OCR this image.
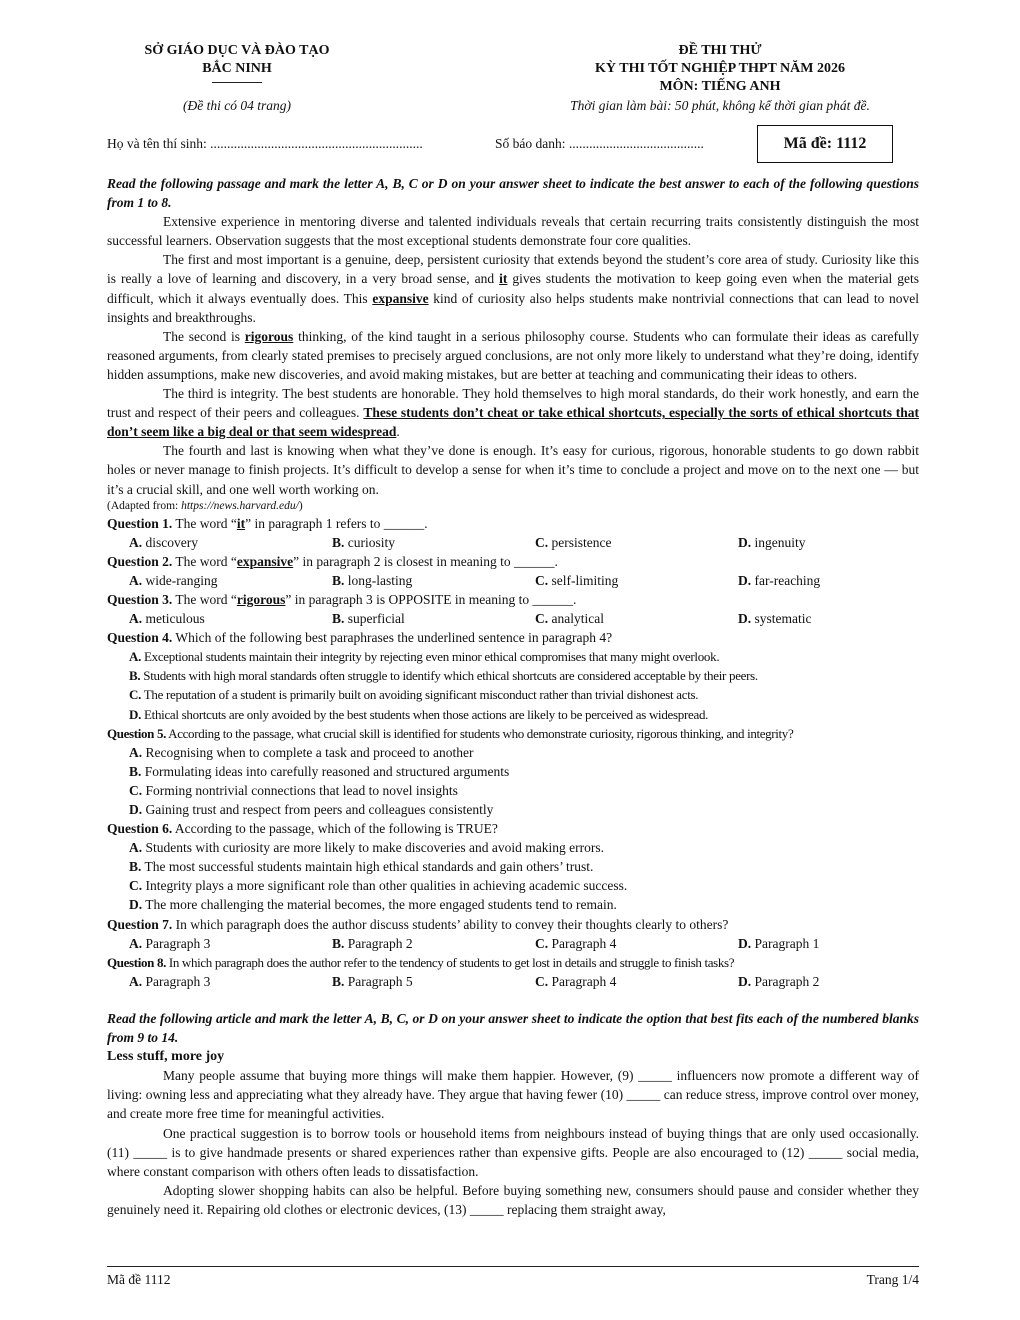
SỞ GIÁO DỤC VÀ ĐÀO TẠO
BẮC NINH
(Đề thi có 04 trang)
ĐỀ THI THỬ
KỲ THI TỐT NGHIỆP THPT NĂM 2026
MÔN: TIẾNG ANH
Thời gian làm bài: 50 phút, không kể thời gian phát đề.
Họ và tên thí sinh: ...............................................................	Số báo danh: ........................................	Mã đề: 1112

Read the following passage and mark the letter A, B, C or D on your answer sheet to indicate the best answer to each of the following questions from 1 to 8.

Extensive experience in mentoring diverse and talented individuals reveals that certain recurring traits consistently distinguish the most successful learners. Observation suggests that the most exceptional students demonstrate four core qualities.

The first and most important is a genuine, deep, persistent curiosity that extends beyond the student’s core area of study. Curiosity like this is really a love of learning and discovery, in a very broad sense, and it gives students the motivation to keep going even when the material gets difficult, which it always eventually does. This expansive kind of curiosity also helps students make nontrivial connections that can lead to novel insights and breakthroughs.

The second is rigorous thinking, of the kind taught in a serious philosophy course. Students who can formulate their ideas as carefully reasoned arguments, from clearly stated premises to precisely argued conclusions, are not only more likely to understand what they’re doing, identify hidden assumptions, make new discoveries, and avoid making mistakes, but are better at teaching and communicating their ideas to others.

The third is integrity. The best students are honorable. They hold themselves to high moral standards, do their work honestly, and earn the trust and respect of their peers and colleagues. These students don’t cheat or take ethical shortcuts, especially the sorts of ethical shortcuts that don’t seem like a big deal or that seem widespread.

The fourth and last is knowing when what they’ve done is enough. It’s easy for curious, rigorous, honorable students to go down rabbit holes or never manage to finish projects. It’s difficult to develop a sense for when it’s time to conclude a project and move on to the next one — but it’s a crucial skill, and one well worth working on.

(Adapted from: https://news.harvard.edu/)

Question 1. The word “it” in paragraph 1 refers to ______.

A. discovery	B. curiosity	C. persistence	D. ingenuity

Question 2. The word “expansive” in paragraph 2 is closest in meaning to ______.

A. wide-ranging	B. long-lasting	C. self-limiting	D. far-reaching

Question 3. The word “rigorous” in paragraph 3 is OPPOSITE in meaning to ______.

A. meticulous	B. superficial	C. analytical	D. systematic

Question 4. Which of the following best paraphrases the underlined sentence in paragraph 4?

A. Exceptional students maintain their integrity by rejecting even minor ethical compromises that many might overlook.
B. Students with high moral standards often struggle to identify which ethical shortcuts are considered acceptable by their peers.
C. The reputation of a student is primarily built on avoiding significant misconduct rather than trivial dishonest acts.
D. Ethical shortcuts are only avoided by the best students when those actions are likely to be perceived as widespread.

Question 5. According to the passage, what crucial skill is identified for students who demonstrate curiosity, rigorous thinking, and integrity?

A. Recognising when to complete a task and proceed to another
B. Formulating ideas into carefully reasoned and structured arguments
C. Forming nontrivial connections that lead to novel insights
D. Gaining trust and respect from peers and colleagues consistently

Question 6. According to the passage, which of the following is TRUE?

A. Students with curiosity are more likely to make discoveries and avoid making errors.
B. The most successful students maintain high ethical standards and gain others’ trust.
C. Integrity plays a more significant role than other qualities in achieving academic success.
D. The more challenging the material becomes, the more engaged students tend to remain.

Question 7. In which paragraph does the author discuss students’ ability to convey their thoughts clearly to others?

A. Paragraph 3	B. Paragraph 2	C. Paragraph 4	D. Paragraph 1

Question 8. In which paragraph does the author refer to the tendency of students to get lost in details and struggle to finish tasks?

A. Paragraph 3	B. Paragraph 5	C. Paragraph 4	D. Paragraph 2

Read the following article and mark the letter A, B, C, or D on your answer sheet to indicate the option that best fits each of the numbered blanks from 9 to 14.

Less stuff, more joy

Many people assume that buying more things will make them happier. However, (9) _____ influencers now promote a different way of living: owning less and appreciating what they already have. They argue that having fewer (10) _____ can reduce stress, improve control over money, and create more free time for meaningful activities.

One practical suggestion is to borrow tools or household items from neighbours instead of buying things that are only used occasionally. (11) _____ is to give handmade presents or shared experiences rather than expensive gifts. People are also encouraged to (12) _____ social media, where constant comparison with others often leads to dissatisfaction.

Adopting slower shopping habits can also be helpful. Before buying something new, consumers should pause and consider whether they genuinely need it. Repairing old clothes or electronic devices, (13) _____ replacing them straight away,

Mã đề 1112	Trang 1/4
